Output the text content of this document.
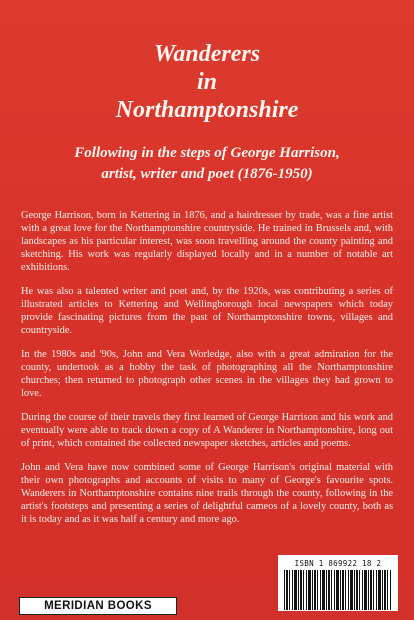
Wanderers
in
Northamptonshire
Following in the steps of George Harrison,
artist, writer and poet (1876-1950)

George Harrison, born in Kettering in 1876, and a hairdresser by trade, was a fine artist with a great love for the Northamptonshire countryside. He trained in Brussels and, with landscapes as his particular interest, was soon travelling around the county painting and sketching. His work was regularly displayed locally and in a number of notable art exhibitions.

He was also a talented writer and poet and, by the 1920s, was contributing a series of illustrated articles to Kettering and Wellingborough local newspapers which today provide fascinating pictures from the past of Northamptonshire towns, villages and countryside.

In the 1980s and '90s, John and Vera Worledge, also with a great admiration for the county, undertook as a hobby the task of photographing all the Northamptonshire churches; then returned to photograph other scenes in the villages they had grown to love.

During the course of their travels they first learned of George Harrison and his work and eventually were able to track down a copy of A Wanderer in Northamptonshire, long out of print, which contained the collected newspaper sketches, articles and poems.

John and Vera have now combined some of George Harrison's original material with their own photographs and accounts of visits to many of George's favourite spots. Wanderers in Northamptonshire contains nine trails through the county, following in the artist's footsteps and presenting a series of delightful cameos of a lovely county, both as it is today and as it was half a century and more ago.

ISBN 1 869922 18 2
MERIDIAN BOOKS
